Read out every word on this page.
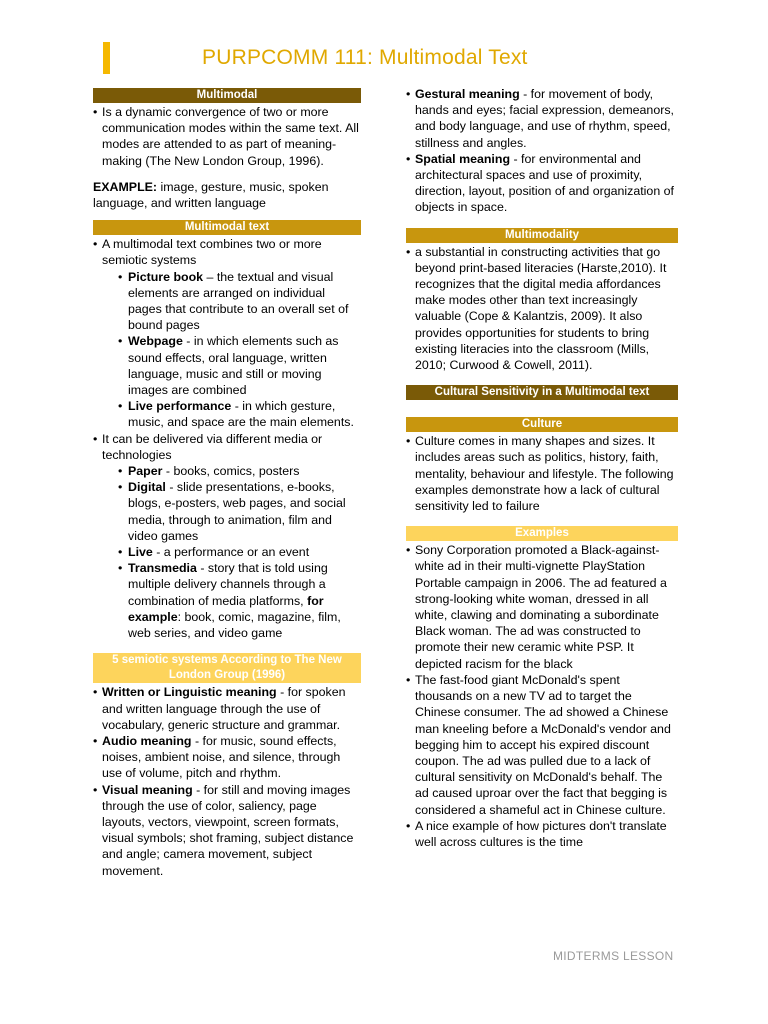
PURPCOMM 111: Multimodal Text
Multimodal
• Is a dynamic convergence of two or more communication modes within the same text. All modes are attended to as part of meaning-making (The New London Group, 1996).

EXAMPLE: image, gesture, music, spoken language, and written language

Multimodal text
• A multimodal text combines two or more semiotic systems
• Picture book – the textual and visual elements are arranged on individual pages that contribute to an overall set of bound pages
• Webpage - in which elements such as sound effects, oral language, written language, music and still or moving images are combined
• Live performance - in which gesture, music, and space are the main elements.
• It can be delivered via different media or technologies
• Paper - books, comics, posters
• Digital - slide presentations, e-books, blogs, e-posters, web pages, and social media, through to animation, film and video games
• Live - a performance or an event
• Transmedia - story that is told using multiple delivery channels through a combination of media platforms, for example: book, comic, magazine, film, web series, and video game
5 semiotic systems According to The New London Group (1996)
• Written or Linguistic meaning - for spoken and written language through the use of vocabulary, generic structure and grammar.
• Audio meaning - for music, sound effects, noises, ambient noise, and silence, through use of volume, pitch and rhythm.
• Visual meaning - for still and moving images through the use of color, saliency, page layouts, vectors, viewpoint, screen formats, visual symbols; shot framing, subject distance and angle; camera movement, subject movement.
• Gestural meaning - for movement of body, hands and eyes; facial expression, demeanors, and body language, and use of rhythm, speed, stillness and angles.
• Spatial meaning - for environmental and architectural spaces and use of proximity, direction, layout, position of and organization of objects in space.
Multimodality
• a substantial in constructing activities that go beyond print-based literacies (Harste,2010). It recognizes that the digital media affordances make modes other than text increasingly valuable (Cope & Kalantzis, 2009). It also provides opportunities for students to bring existing literacies into the classroom (Mills, 2010; Curwood & Cowell, 2011).
Cultural Sensitivity in a Multimodal text
Culture
• Culture comes in many shapes and sizes. It includes areas such as politics, history, faith, mentality, behaviour and lifestyle. The following examples demonstrate how a lack of cultural sensitivity led to failure
Examples
• Sony Corporation promoted a Black-against-white ad in their multi-vignette PlayStation Portable campaign in 2006. The ad featured a strong-looking white woman, dressed in all white, clawing and dominating a subordinate Black woman. The ad was constructed to promote their new ceramic white PSP. It depicted racism for the black
• The fast-food giant McDonald's spent thousands on a new TV ad to target the Chinese consumer. The ad showed a Chinese man kneeling before a McDonald's vendor and begging him to accept his expired discount coupon. The ad was pulled due to a lack of cultural sensitivity on McDonald's behalf. The ad caused uproar over the fact that begging is considered a shameful act in Chinese culture.
• A nice example of how pictures don't translate well across cultures is the time
MIDTERMS LESSON
